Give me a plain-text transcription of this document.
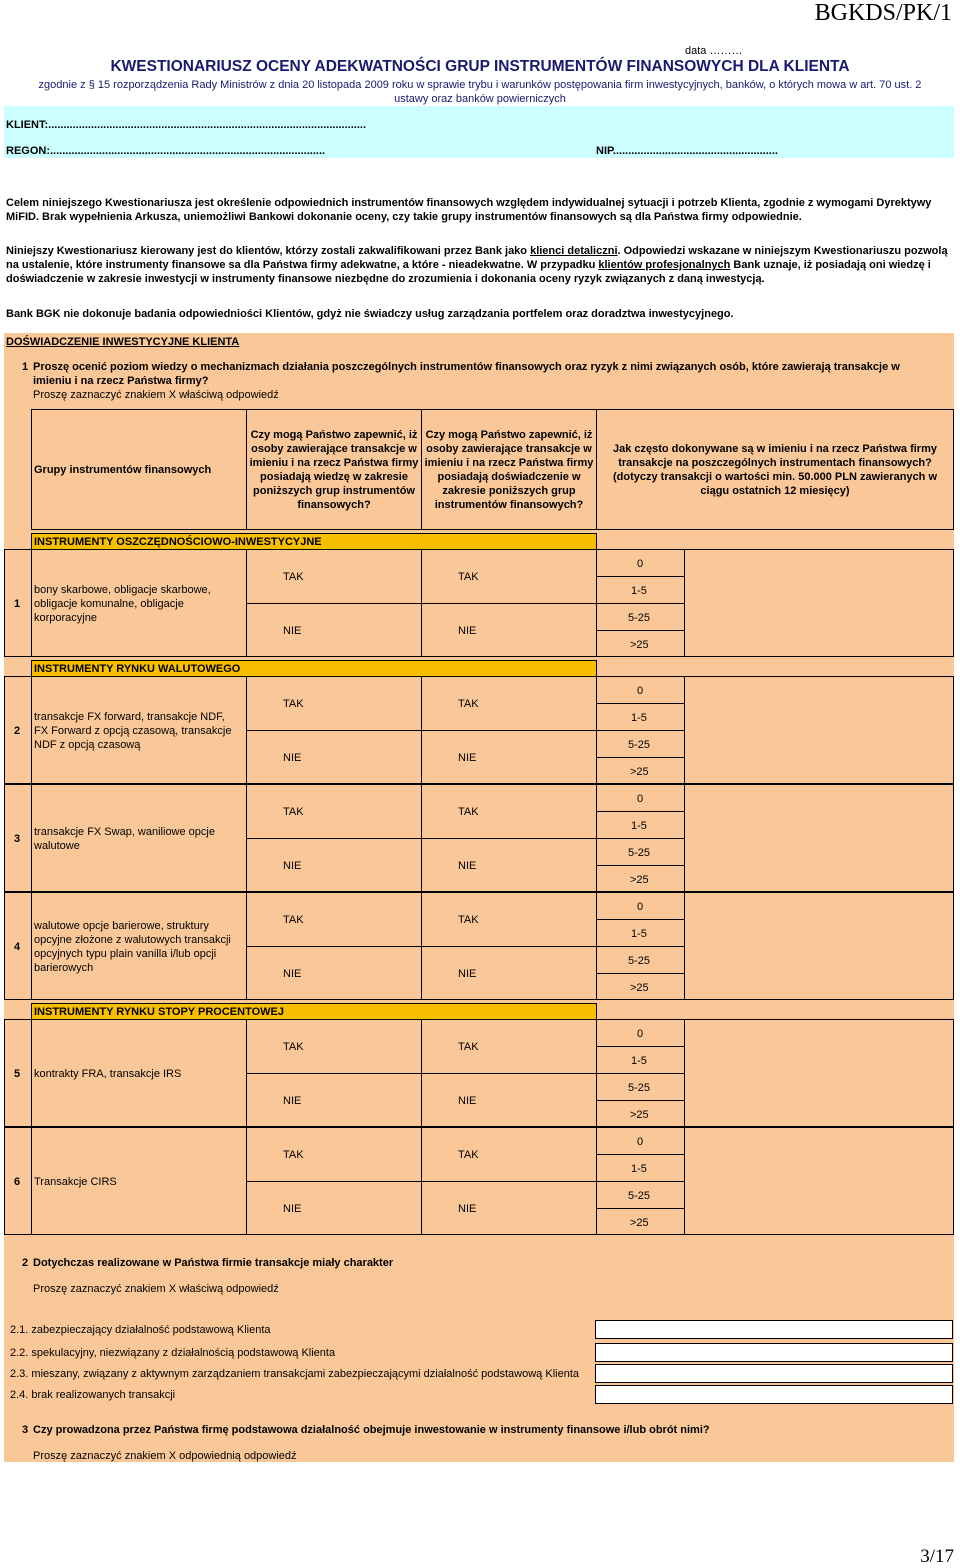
BGKDS/PK/1
data ………
KWESTIONARIUSZ OCENY ADEKWATNOŚCI GRUP INSTRUMENTÓW FINANSOWYCH DLA KLIENTA
zgodnie z § 15 rozporządzenia Rady Ministrów z dnia 20 listopada 2009 roku w sprawie trybu i warunków postępowania firm inwestycyjnych, banków, o których mowa w art. 70 ust. 2
ustawy oraz banków powierniczych
KLIENT:........................................................................................................
REGON:..........................................................................................	NIP......................................................
Celem niniejszego Kwestionariusza jest określenie odpowiednich instrumentów finansowych względem indywidualnej sytuacji i potrzeb Klienta, zgodnie z wymogami Dyrektywy MiFID. Brak wypełnienia Arkusza, uniemożliwi Bankowi dokonanie oceny, czy takie grupy instrumentów finansowych są dla Państwa firmy odpowiednie.
Niniejszy Kwestionariusz kierowany jest do klientów, którzy zostali zakwalifikowani przez Bank jako klienci detaliczni. Odpowiedzi wskazane w niniejszym Kwestionariuszu pozwolą na ustalenie, które instrumenty finansowe sa dla Państwa firmy adekwatne, a które - nieadekwatne. W przypadku klientów profesjonalnych Bank uznaje, iż posiadają oni wiedzę i doświadczenie w zakresie inwestycji w instrumenty finansowe niezbędne do zrozumienia i dokonania oceny ryzyk związanych z daną inwestycją.
Bank BGK nie dokonuje badania odpowiedniości Klientów, gdyż nie świadczy usług zarządzania portfelem oraz doradztwa inwestycyjnego.
DOŚWIADCZENIE INWESTYCYJNE KLIENTA
1 Proszę ocenić poziom wiedzy o mechanizmach działania poszczególnych instrumentów finansowych oraz ryzyk z nimi związanych osób, które zawierają transakcje w imieniu i na rzecz Państwa firmy?
Proszę zaznaczyć znakiem X właściwą odpowiedź
Grupy instrumentów finansowych
Czy mogą Państwo zapewnić, iż osoby zawierające transakcje w imieniu i na rzecz Państwa firmy posiadają wiedzę w zakresie poniższych grup instrumentów finansowych?
Czy mogą Państwo zapewnić, iż osoby zawierające transakcje w imieniu i na rzecz Państwa firmy posiadają doświadczenie w zakresie poniższych grup instrumentów finansowych?
Jak często dokonywane są w imieniu i na rzecz Państwa firmy transakcje na poszczególnych instrumentach finansowych? (dotyczy transakcji o wartości min. 50.000 PLN zawieranych w ciągu ostatnich 12 miesięcy)
INSTRUMENTY OSZCZĘDNOŚCIOWO-INWESTYCYJNE
1
bony skarbowe, obligacje skarbowe, obligacje komunalne, obligacje korporacyjne
TAK
NIE
TAK
NIE
0
1-5
5-25
>25
INSTRUMENTY RYNKU WALUTOWEGO
2
transakcje FX forward, transakcje NDF, FX Forward z opcją czasową, transakcje NDF z opcją czasową
TAK
NIE
TAK
NIE
0
1-5
5-25
>25
3
transakcje FX Swap, waniliowe opcje walutowe
TAK
NIE
TAK
NIE
0
1-5
5-25
>25
4
walutowe opcje barierowe, struktury opcyjne złożone z walutowych transakcji opcyjnych typu plain vanilla i/lub opcji barierowych
TAK
NIE
TAK
NIE
0
1-5
5-25
>25
INSTRUMENTY RYNKU STOPY PROCENTOWEJ
5 kontrakty FRA, transakcje IRS
TAK
NIE
TAK
NIE
0
1-5
5-25
>25
6 Transakcje CIRS
TAK
NIE
TAK
NIE
0
1-5
5-25
>25
2 Dotychczas realizowane w Państwa firmie transakcje miały charakter
Proszę zaznaczyć znakiem X właściwą odpowiedź
2.1. zabezpieczający działalność podstawową Klienta
2.2. spekulacyjny, niezwiązany z działalnością podstawową Klienta
2.3. mieszany, związany z aktywnym zarządzaniem transakcjami zabezpieczającymi działalność podstawową Klienta
2.4. brak realizowanych transakcji
3 Czy prowadzona przez Państwa firmę podstawowa działalność obejmuje inwestowanie w instrumenty finansowe i/lub obrót nimi?
Proszę zaznaczyć znakiem X odpowiednią odpowiedź
3/17
